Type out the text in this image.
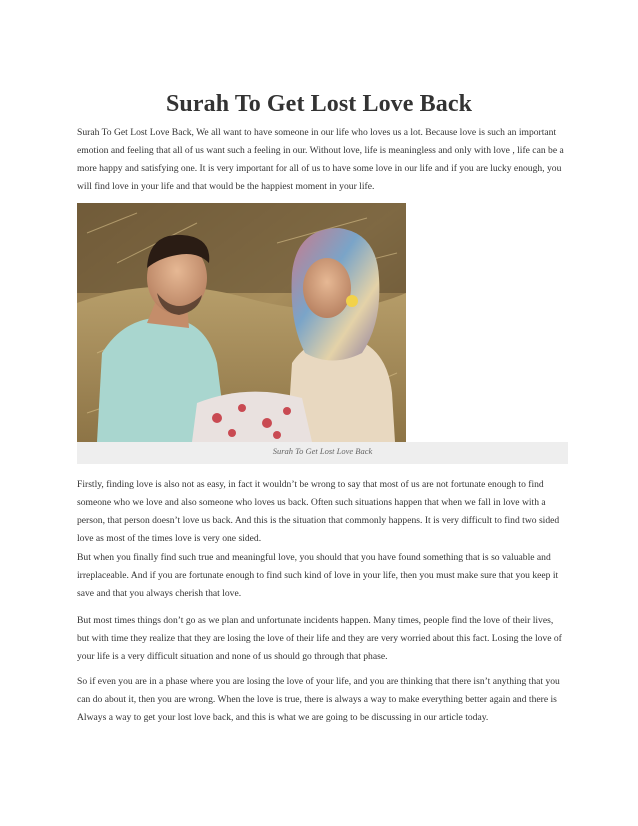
Surah To Get Lost Love Back

Surah To Get Lost Love Back, We all want to have someone in our life who loves us a lot. Because love is such an important emotion and feeling that all of us want such a feeling in our. Without love, life is meaningless and only with love , life can be a more happy and satisfying one. It is very important for all of us to have some love in our life and if you are lucky enough, you will find love in your life and that would be the happiest moment in your life.

Surah To Get Lost Love Back

Firstly, finding love is also not as easy, in fact it wouldn’t be wrong to say that most of us are not fortunate enough to find someone who we love and also someone who loves us back. Often such situations happen that when we fall in love with a person, that person doesn’t love us back. And this is the situation that commonly happens. It is very difficult to find two sided love as most of the times love is very one sided.

But when you finally find such true and meaningful love, you should that you have found something that is so valuable and irreplaceable. And if you are fortunate enough to find such kind of love in your life, then you must make sure that you keep it save and that you always cherish that love.

But most times things don’t go as we plan and unfortunate incidents happen. Many times, people find the love of their lives, but with time they realize that they are losing the love of their life and they are very worried about this fact. Losing the love of your life is a very difficult situation and none of us should go through that phase.

So if even you are in a phase where you are losing the love of your life, and you are thinking that there isn’t anything that you can do about it, then you are wrong. When the love is true, there is always a way to make everything better again and there is Always a way to get your lost love back, and this is what we are going to be discussing in our article today.
